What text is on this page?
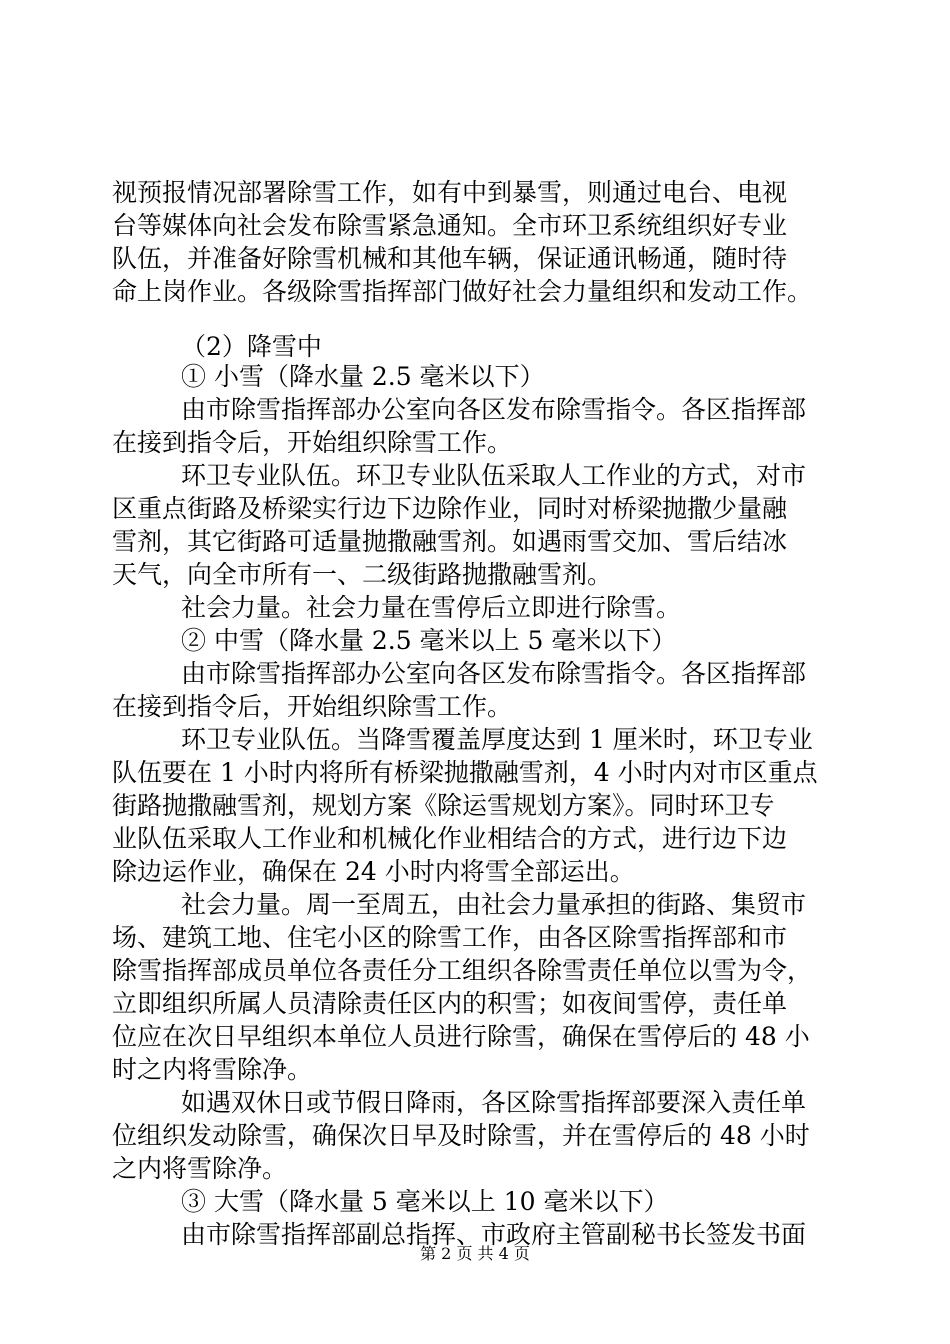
视预报情况部署除雪工作，如有中到暴雪，则通过电台、电视
台等媒体向社会发布除雪紧急通知。全市环卫系统组织好专业
队伍，并准备好除雪机械和其他车辆，保证通讯畅通，随时待
命上岗作业。各级除雪指挥部门做好社会力量组织和发动工作。
（2）降雪中
① 小雪（降水量 2.5 毫米以下）
由市除雪指挥部办公室向各区发布除雪指令。各区指挥部
在接到指令后，开始组织除雪工作。
环卫专业队伍。环卫专业队伍采取人工作业的方式，对市
区重点街路及桥梁实行边下边除作业，同时对桥梁抛撒少量融
雪剂，其它街路可适量抛撒融雪剂。如遇雨雪交加、雪后结冰
天气，向全市所有一、二级街路抛撒融雪剂。
社会力量。社会力量在雪停后立即进行除雪。
② 中雪（降水量 2.5 毫米以上 5 毫米以下）
由市除雪指挥部办公室向各区发布除雪指令。各区指挥部
在接到指令后，开始组织除雪工作。
环卫专业队伍。当降雪覆盖厚度达到 1 厘米时，环卫专业
队伍要在 1 小时内将所有桥梁抛撒融雪剂，4 小时内对市区重点
街路抛撒融雪剂，规划方案《除运雪规划方案》。同时环卫专
业队伍采取人工作业和机械化作业相结合的方式，进行边下边
除边运作业，确保在 24 小时内将雪全部运出。
社会力量。周一至周五，由社会力量承担的街路、集贸市
场、建筑工地、住宅小区的除雪工作，由各区除雪指挥部和市
除雪指挥部成员单位各责任分工组织各除雪责任单位以雪为令，
立即组织所属人员清除责任区内的积雪；如夜间雪停，责任单
位应在次日早组织本单位人员进行除雪，确保在雪停后的 48 小
时之内将雪除净。
如遇双休日或节假日降雨，各区除雪指挥部要深入责任单
位组织发动除雪，确保次日早及时除雪，并在雪停后的 48 小时
之内将雪除净。
③ 大雪（降水量 5 毫米以上 10 毫米以下）
由市除雪指挥部副总指挥、市政府主管副秘书长签发书面
第 2 页 共 4 页
